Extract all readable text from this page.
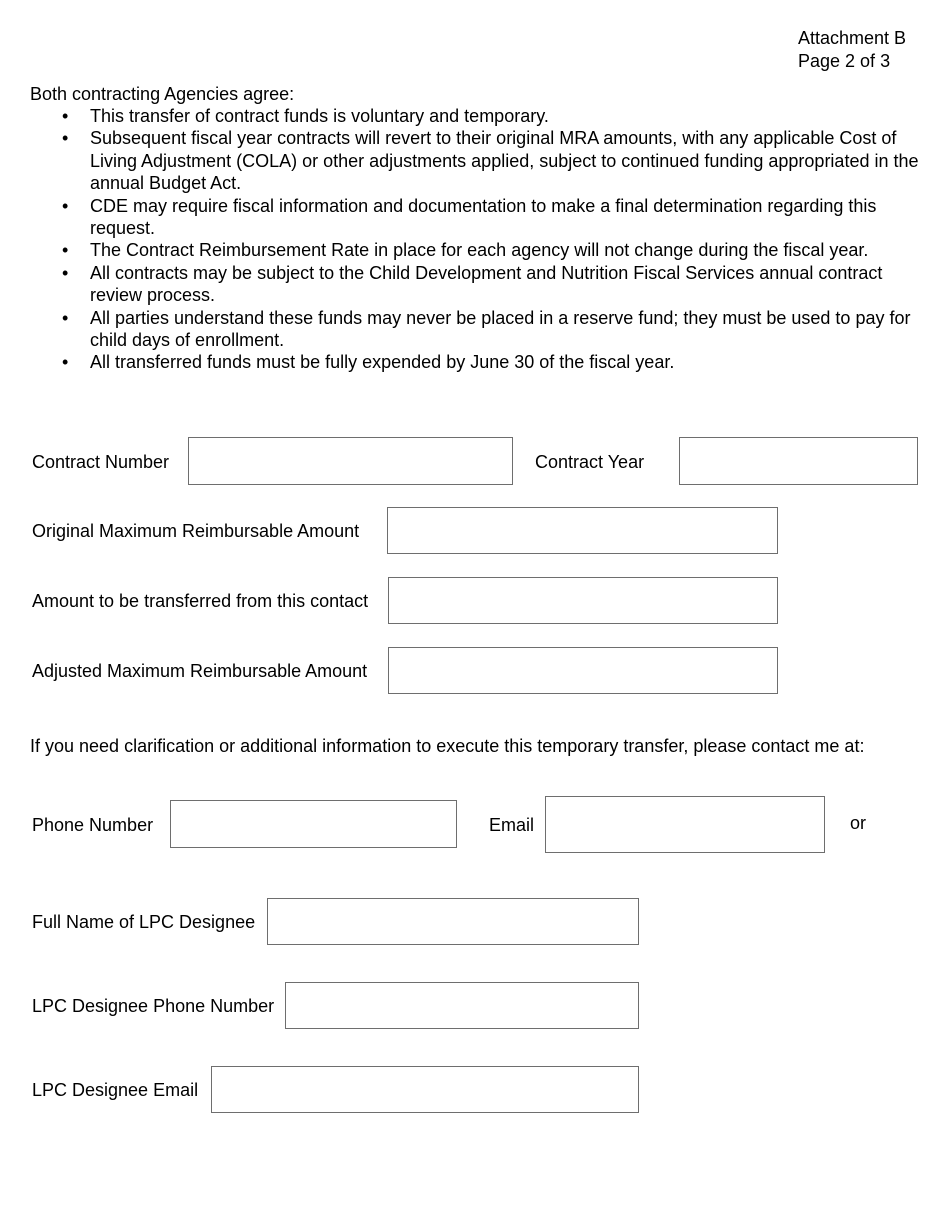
Attachment B
Page 2 of 3
Both contracting Agencies agree:
• This transfer of contract funds is voluntary and temporary.
• Subsequent fiscal year contracts will revert to their original MRA amounts, with any applicable Cost of Living Adjustment (COLA) or other adjustments applied, subject to continued funding appropriated in the annual Budget Act.
• CDE may require fiscal information and documentation to make a final determination regarding this request.
• The Contract Reimbursement Rate in place for each agency will not change during the fiscal year.
• All contracts may be subject to the Child Development and Nutrition Fiscal Services annual contract review process.
• All parties understand these funds may never be placed in a reserve fund; they must be used to pay for child days of enrollment.
• All transferred funds must be fully expended by June 30 of the fiscal year.
Contract Number	Contract Year
Original Maximum Reimbursable Amount
Amount to be transferred from this contact
Adjusted Maximum Reimbursable Amount
If you need clarification or additional information to execute this temporary transfer, please contact me at:
Phone Number	Email	or
Full Name of LPC Designee
LPC Designee Phone Number
LPC Designee Email
